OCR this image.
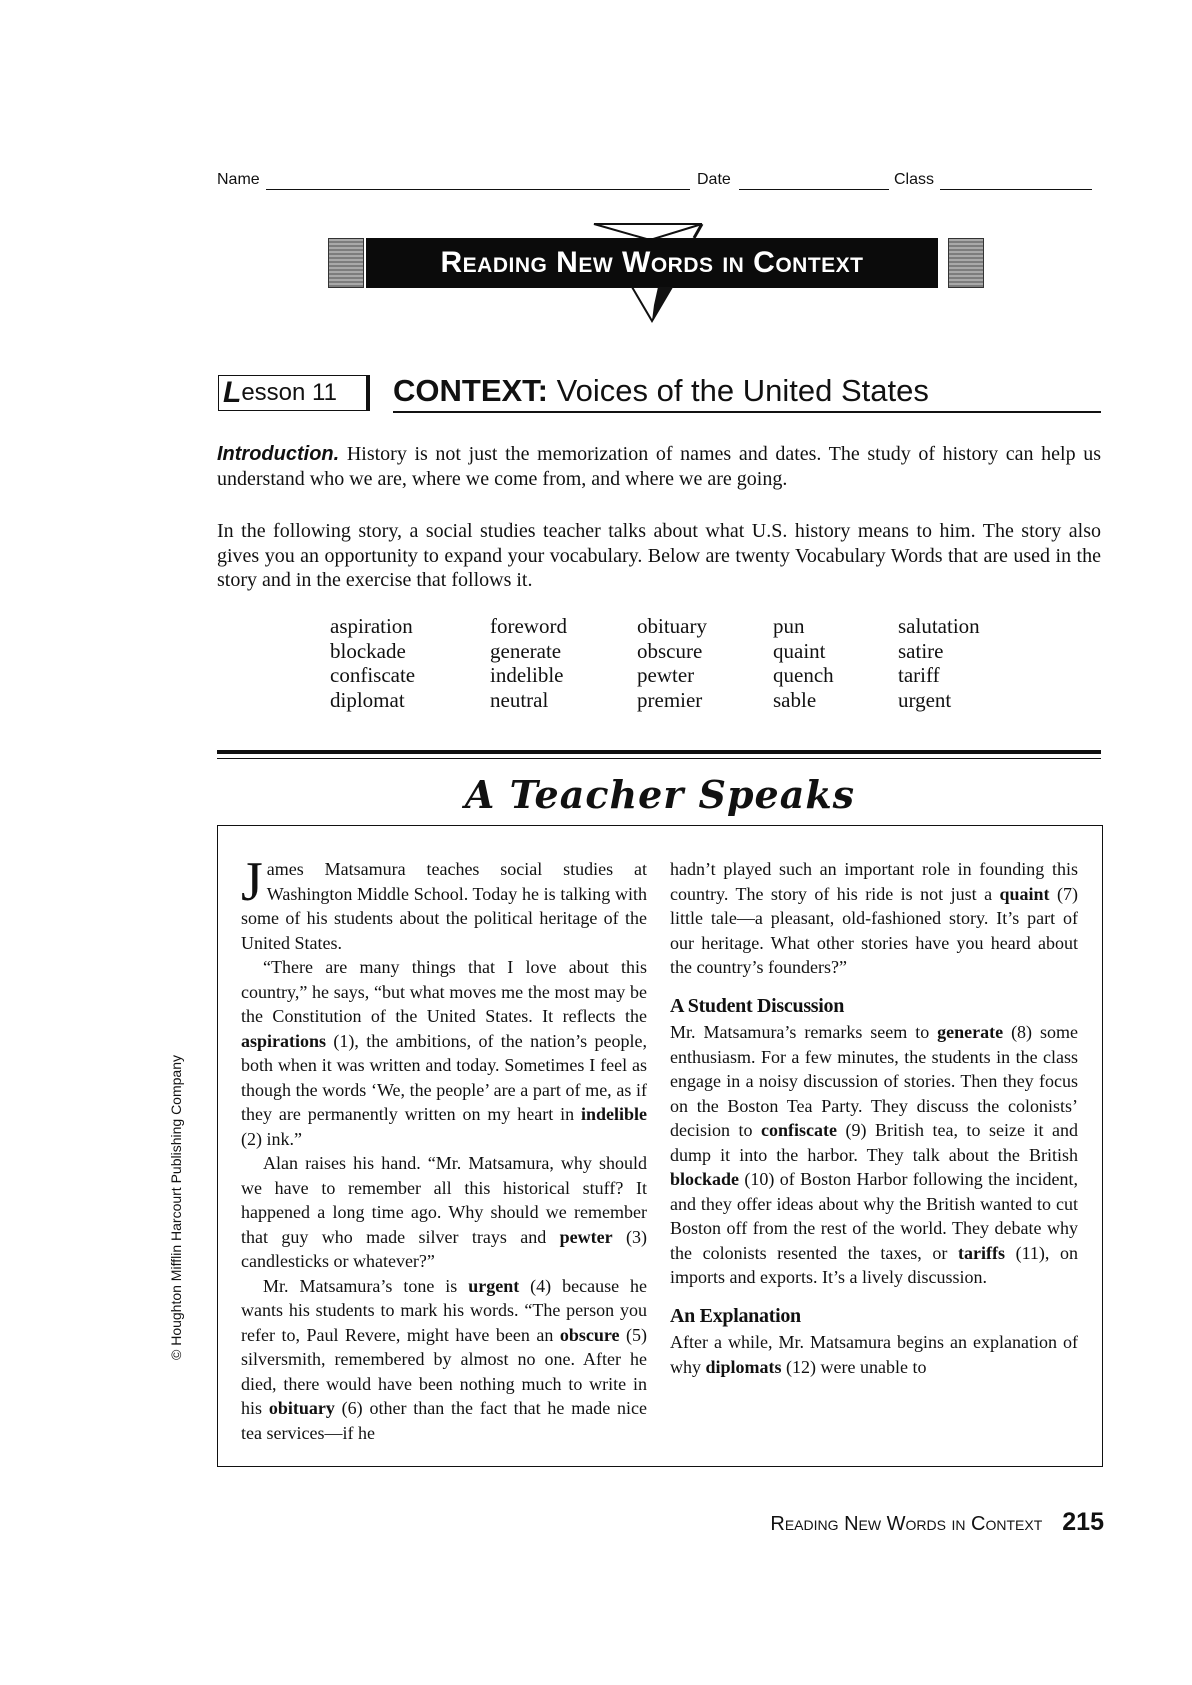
Name	Date	Class
Reading New Words in Context
L esson 11 CONTEXT: Voices of the United States
Introduction. History is not just the memorization of names and dates. The study of history can help us understand who we are, where we come from, and where we are going.
In the following story, a social studies teacher talks about what U.S. history means to him. The story also gives you an opportunity to expand your vocabulary. Below are twenty Vocabulary Words that are used in the story and in the exercise that follows it.
aspiration	foreword	obituary	pun	salutation
blockade	generate	obscure	quaint	satire
confiscate	indelible	pewter	quench	tariff
diplomat	neutral	premier	sable	urgent
A Teacher Speaks

James Matsamura teaches social studies at Washington Middle School. Today he is talking with some of his students about the political heritage of the United States.

“There are many things that I love about this country,” he says, “but what moves me the most may be the Constitution of the United States. It reflects the aspirations (1), the ambitions, of the nation’s people, both when it was written and today. Sometimes I feel as though the words ‘We, the people’ are a part of me, as if they are permanently written on my heart in indelible (2) ink.”

Alan raises his hand. “Mr. Matsamura, why should we have to remember all this historical stuff? It happened a long time ago. Why should we remember that guy who made silver trays and pewter (3) candlesticks or whatever?”

Mr. Matsamura’s tone is urgent (4) because he wants his students to mark his words. “The person you refer to, Paul Revere, might have been an obscure (5) silversmith, remembered by almost no one. After he died, there would have been nothing much to write in his obituary (6) other than the fact that he made nice tea services—if he

hadn’t played such an important role in founding this country. The story of his ride is not just a quaint (7) little tale—a pleasant, old-fashioned story. It’s part of our heritage. What other stories have you heard about the country’s founders?”

A Student Discussion

Mr. Matsamura’s remarks seem to generate (8) some enthusiasm. For a few minutes, the students in the class engage in a noisy discussion of stories. Then they focus on the Boston Tea Party. They discuss the colonists’ decision to confiscate (9) British tea, to seize it and dump it into the harbor. They talk about the British blockade (10) of Boston Harbor following the incident, and they offer ideas about why the British wanted to cut Boston off from the rest of the world. They debate why the colonists resented the taxes, or tariffs (11), on imports and exports. It’s a lively discussion.

An Explanation

After a while, Mr. Matsamura begins an explanation of why diplomats (12) were unable to

© Houghton Mifflin Harcourt Publishing Company
Reading New Words in Context 215
